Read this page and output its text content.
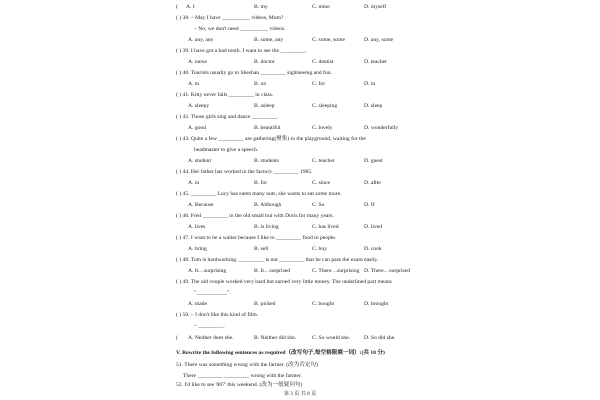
( A. I	B. my	C. mine	D. myself
( ) 38. – May I have __________ videos, Mum?
– No, we don't need __________ videos.
A. any, any	B. some, any	C. some, some	D. any, some
( ) 39. I have got a bad tooth. I want to see the _________.
A. nurse	B. doctor	C. dentist	D. teacher
( ) 40. Tourists usually go to Sheshan _________ sightseeing and fun.
A. to	B. on	C. for	D. in
( ) 41. Kitty never falls _________ in class.
A. sleepy	B. asleep	C. sleeping	D. sleep
( ) 42. Those girls sing and dance _________.
A. good	B. beautiful	C. lovely	D. wonderfully
( ) 43. Quite a few _________ are gathering(聚集) in the playground, waiting for the
headmaster to give a speech.
A. student	B. students	C. teacher	D. guest
( ) 44. Her father has worked in the factory _________ 1985.
A. in	B. for	C. since	D. after
( ) 45. _________ Lucy has eaten many nuts, she wants to eat some more.
A. Because	B. Although	C. So	D. If
( ) 46. Fred _________ in the old small hut with Doris for many years.
A. lives	B. is living	C. has lived	D. lived
( ) 47. I want to be a waiter because I like to _________ food to people.
A. bring	B. sell	C. buy	D. cook
( ) 48. Tom is hardworking. _________ is not _________ that he can pass the exam easily.
A. It…surprising	B. It…surprised	C. There…surprising D. There…surprised
( ) 49. The old couple worked very hard but earned very little money. The underlined part means
"___________".
A. made	B. picked	C. bought	D. brought
( ) 50. – I don't like this kind of film.
– _________.
( A. Neither does she.	B. Neither did she.	C. So would she. D. So did she.
V. Rewrite the following sentences as required（改写句子,每空格限填一词）:(共 10 分)
51. There was something wrong with the farmer. (改为否定句)
There _________ _________ wrong with the farmer.
52. I'd like to see '007' this weekend. (改为一般疑问句)
第 3 页 共 8 页
